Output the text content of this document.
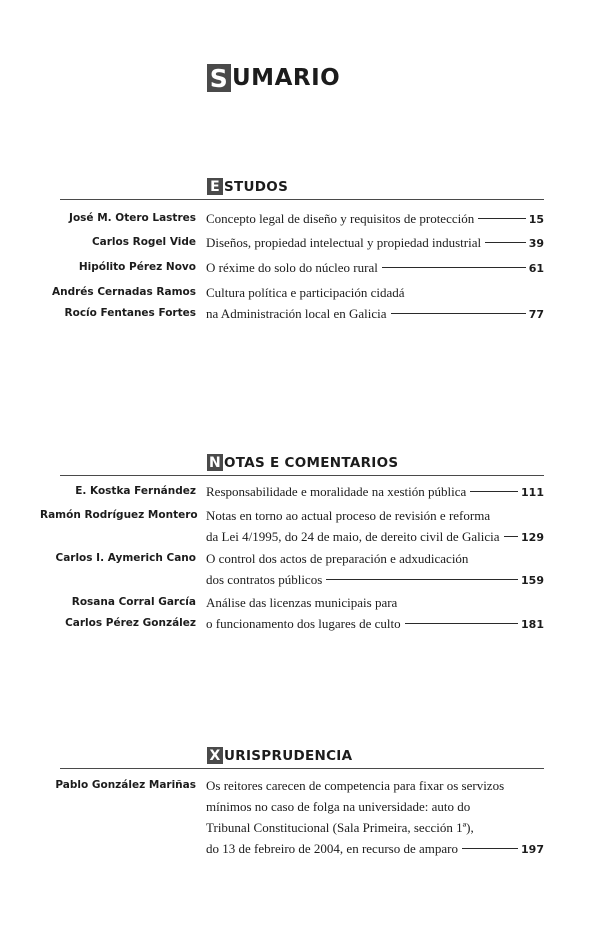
S UMARIO
E STUDOS
José M. Otero Lastres Concepto legal de diseño y requisitos de protección	15
Carlos Rogel Vide Diseños, propiedad intelectual y propiedad industrial	39
Hipólito Pérez Novo O réxime do solo do núcleo rural	61
Andrés Cernadas Ramos
Rocío Fentanes Fortes
Cultura política e participación cidadá
na Administración local en Galicia	77
N OTAS E COMENTARIOS
E. Kostka Fernández Responsabilidade e moralidade na xestión pública	111
Ramón Rodríguez Montero Notas en torno ao actual proceso de revisión e reforma
da Lei 4/1995, do 24 de maio, de dereito civil de Galicia 129
Carlos I. Aymerich Cano O control dos actos de preparación e adxudicación
dos contratos públicos	159
Rosana Corral García
Carlos Pérez González
Análise das licenzas municipais para
o funcionamento dos lugares de culto	181
X URISPRUDENCIA
Pablo González Mariñas Os reitores carecen de competencia para fixar os servizos
mínimos no caso de folga na universidade: auto do
Tribunal Constitucional (Sala Primeira, sección 1ª),
do 13 de febreiro de 2004, en recurso de amparo	197
